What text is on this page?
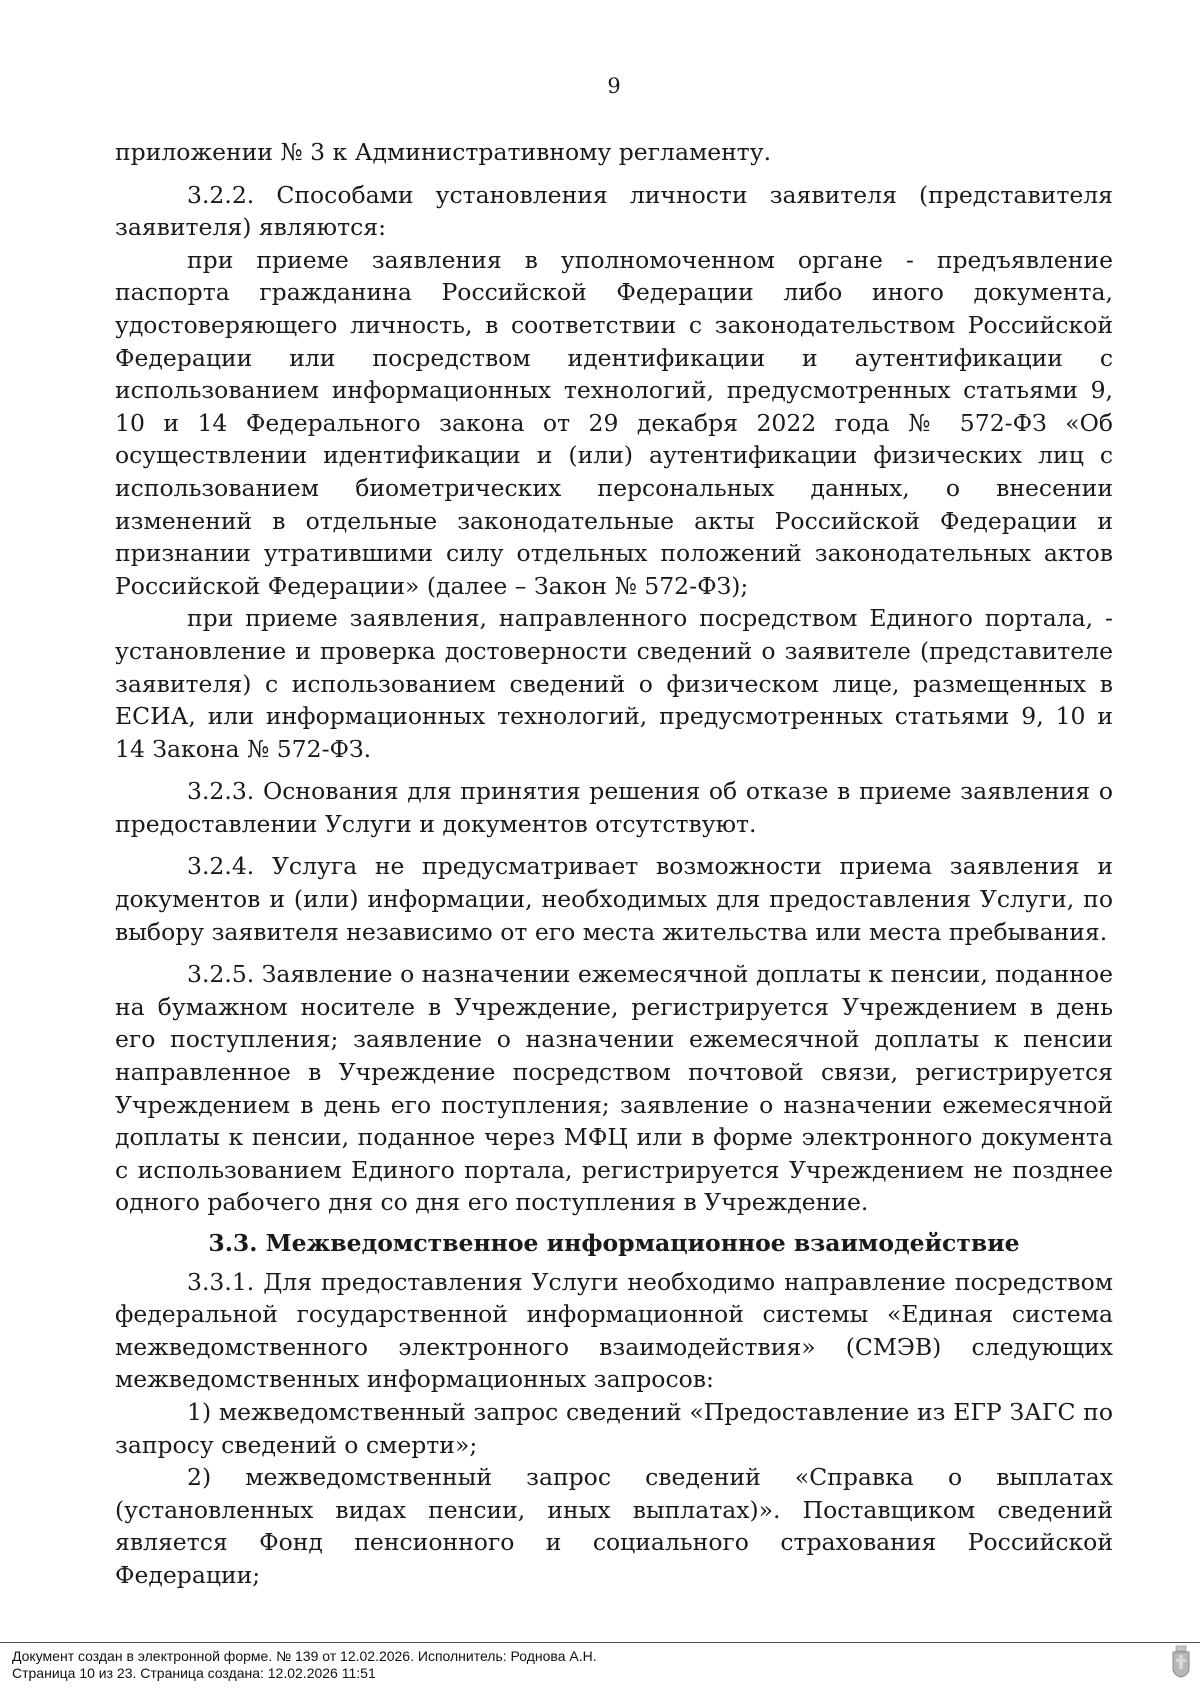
9

приложении № 3 к Административному регламенту.

3.2.2. Способами установления личности заявителя (представителя заявителя) являются:

при приеме заявления в уполномоченном органе - предъявление паспорта гражданина Российской Федерации либо иного документа, удостоверяющего личность, в соответствии с законодательством Российской Федерации или посредством идентификации и аутентификации с использованием информационных технологий, предусмотренных статьями 9, 10 и 14 Федерального закона от 29 декабря 2022 года № 572-ФЗ «Об осуществлении идентификации и (или) аутентификации физических лиц с использованием биометрических персональных данных, о внесении изменений в отдельные законодательные акты Российской Федерации и признании утратившими силу отдельных положений законодательных актов Российской Федерации» (далее – Закон № 572-ФЗ);

при приеме заявления, направленного посредством Единого портала, - установление и проверка достоверности сведений о заявителе (представителе заявителя) с использованием сведений о физическом лице, размещенных в ЕСИА, или информационных технологий, предусмотренных статьями 9, 10 и 14 Закона № 572-ФЗ.

3.2.3. Основания для принятия решения об отказе в приеме заявления о предоставлении Услуги и документов отсутствуют.

3.2.4. Услуга не предусматривает возможности приема заявления и документов и (или) информации, необходимых для предоставления Услуги, по выбору заявителя независимо от его места жительства или места пребывания.

3.2.5. Заявление о назначении ежемесячной доплаты к пенсии, поданное на бумажном носителе в Учреждение, регистрируется Учреждением в день его поступления; заявление о назначении ежемесячной доплаты к пенсии направленное в Учреждение посредством почтовой связи, регистрируется Учреждением в день его поступления; заявление о назначении ежемесячной доплаты к пенсии, поданное через МФЦ или в форме электронного документа с использованием Единого портала, регистрируется Учреждением не позднее одного рабочего дня со дня его поступления в Учреждение.

3.3. Межведомственное информационное взаимодействие

3.3.1. Для предоставления Услуги необходимо направление посредством федеральной государственной информационной системы «Единая система межведомственного электронного взаимодействия» (СМЭВ) следующих межведомственных информационных запросов:

1) межведомственный запрос сведений «Предоставление из ЕГР ЗАГС по запросу сведений о смерти»;

2) межведомственный запрос сведений «Справка о выплатах (установленных видах пенсии, иных выплатах)». Поставщиком сведений является Фонд пенсионного и социального страхования Российской Федерации;

Документ создан в электронной форме. № 139 от 12.02.2026. Исполнитель: Роднова А.Н.
Страница 10 из 23. Страница создана: 12.02.2026 11:51
